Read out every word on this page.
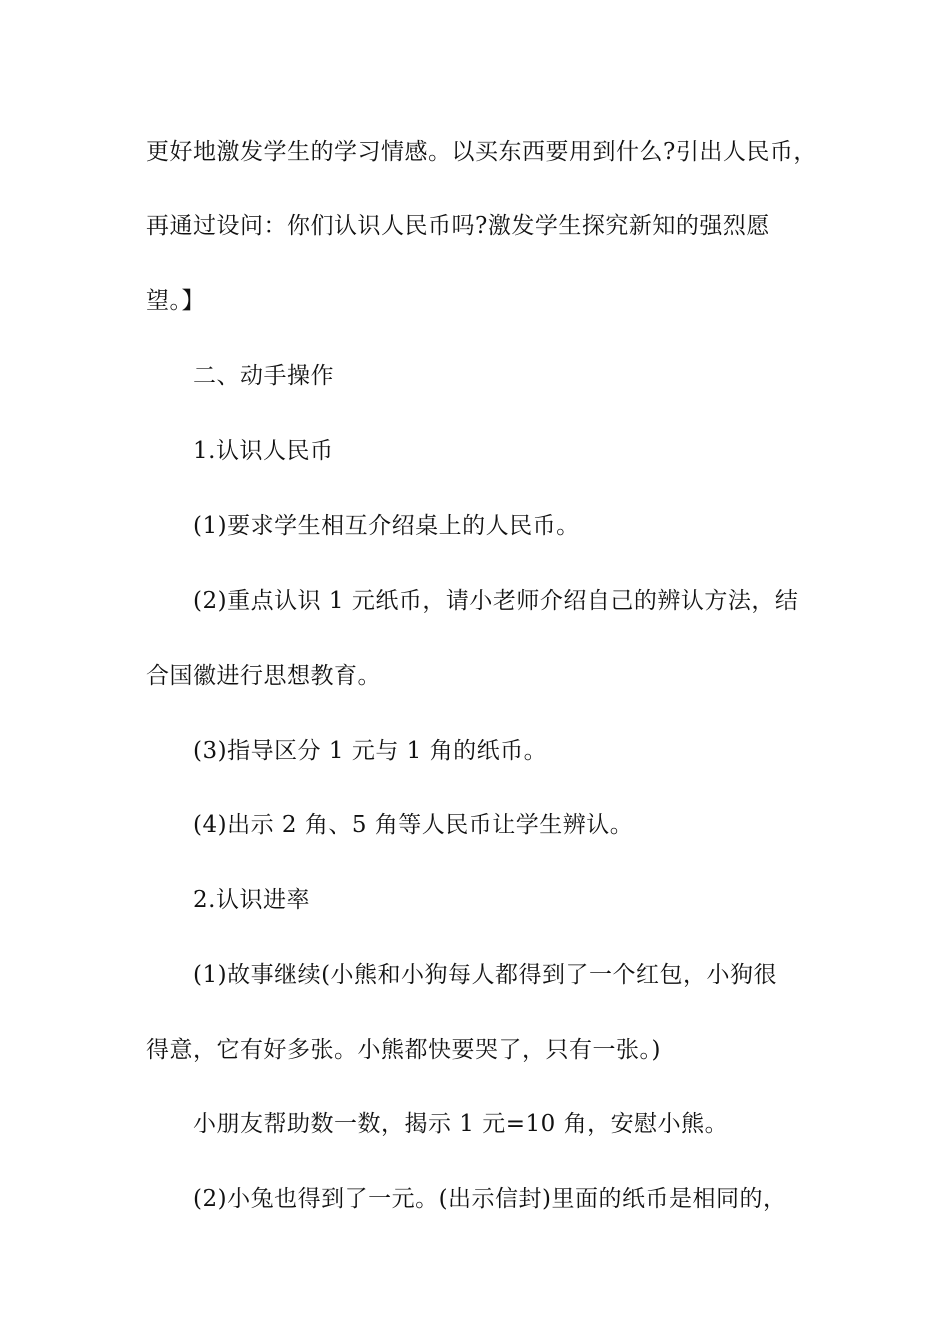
更好地激发学生的学习情感。以买东西要用到什么?引出人民币，
再通过设问：你们认识人民币吗?激发学生探究新知的强烈愿
望。】
二、动手操作
1.认识人民币
(1)要求学生相互介绍桌上的人民币。
(2)重点认识 1 元纸币，请小老师介绍自己的辨认方法，结
合国徽进行思想教育。
(3)指导区分 1 元与 1 角的纸币。
(4)出示 2 角、5 角等人民币让学生辨认。
2.认识进率
(1)故事继续(小熊和小狗每人都得到了一个红包，小狗很
得意，它有好多张。小熊都快要哭了，只有一张。)
小朋友帮助数一数，揭示 1 元=10 角，安慰小熊。
(2)小兔也得到了一元。(出示信封)里面的纸币是相同的，
